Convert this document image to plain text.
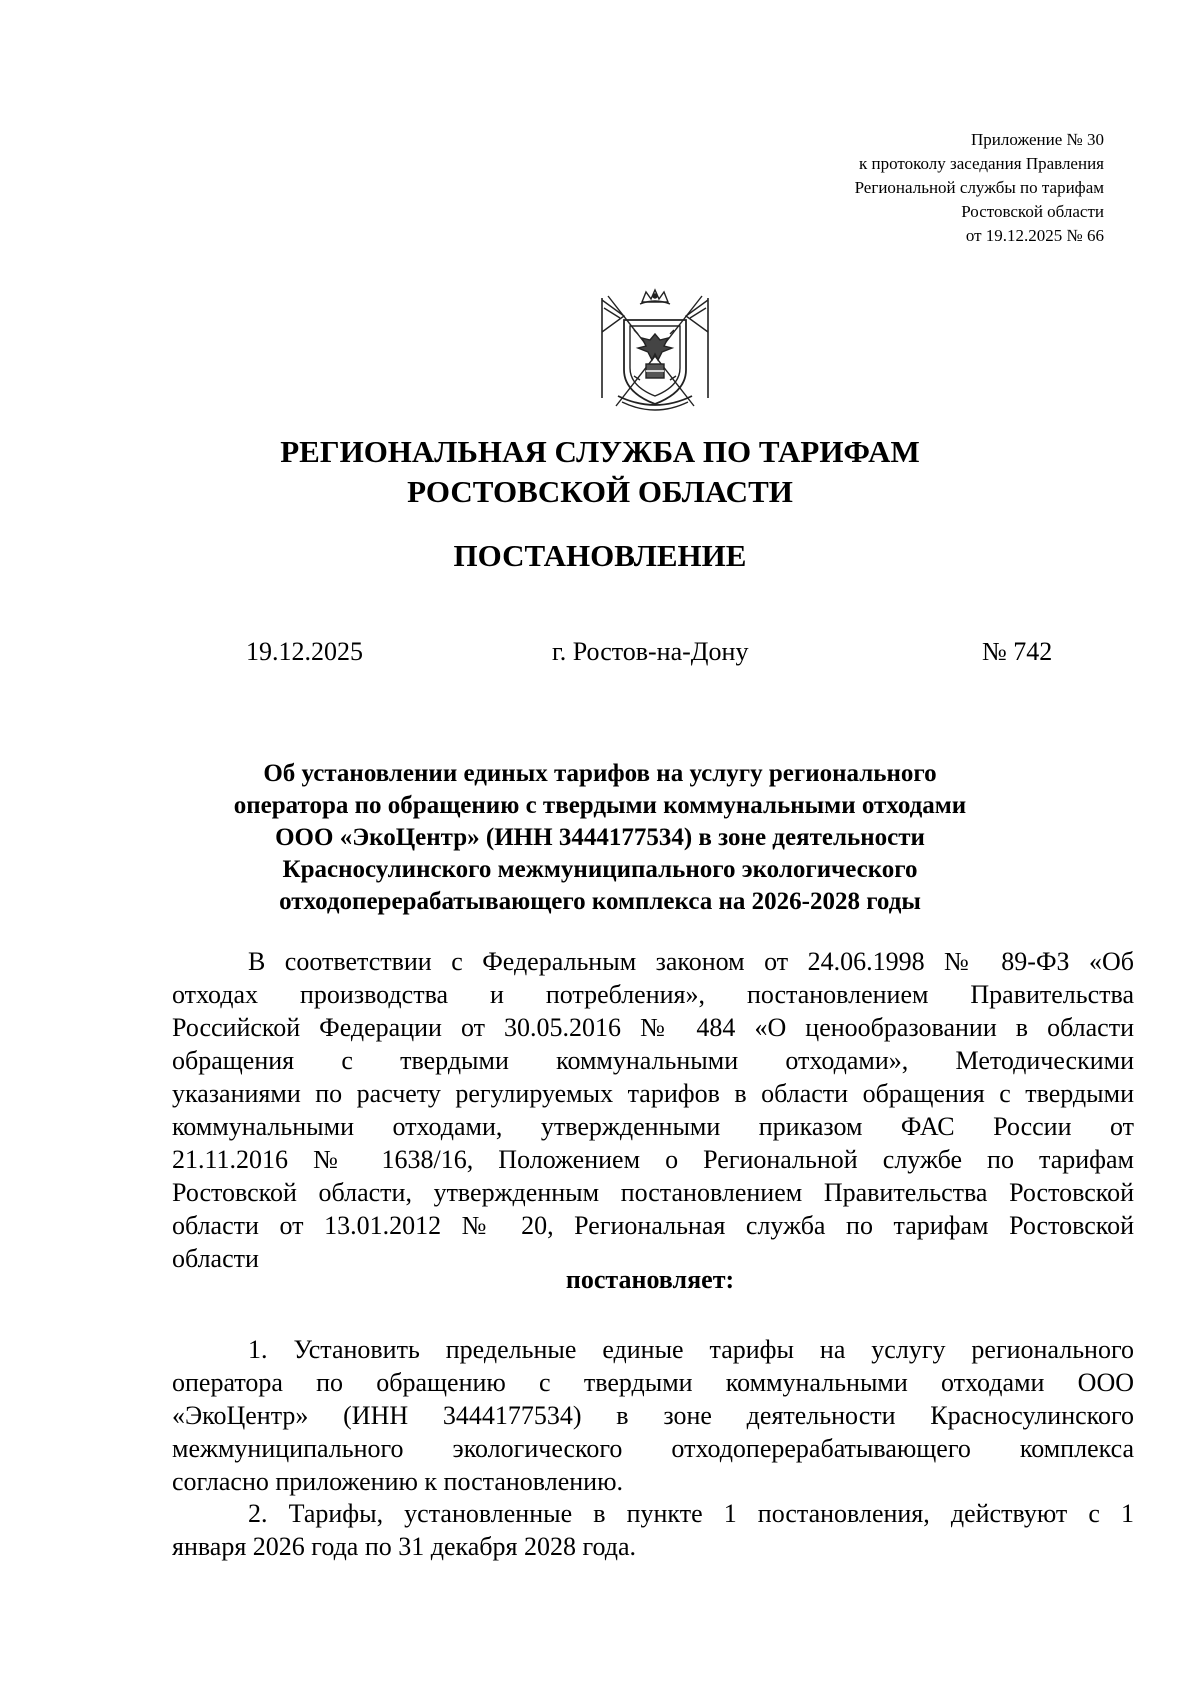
Приложение № 30
к протоколу заседания Правления
Региональной службы по тарифам
Ростовской области
от 19.12.2025 № 66
РЕГИОНАЛЬНАЯ СЛУЖБА ПО ТАРИФАМ
РОСТОВСКОЙ ОБЛАСТИ
ПОСТАНОВЛЕНИЕ
19.12.2025	г. Ростов-на-Дону	№ 742
Об установлении единых тарифов на услугу регионального
оператора по обращению с твердыми коммунальными отходами
ООО «ЭкоЦентр» (ИНН 3444177534) в зоне деятельности
Красносулинского межмуниципального экологического
отходоперерабатывающего комплекса на 2026-2028 годы
В соответствии с Федеральным законом от 24.06.1998 № 89-ФЗ «Об
отходах производства и потребления», постановлением Правительства
Российской Федерации от 30.05.2016 № 484 «О ценообразовании в области
обращения с твердыми коммунальными отходами», Методическими
указаниями по расчету регулируемых тарифов в области обращения с твердыми
коммунальными отходами, утвержденными приказом ФАС России от
21.11.2016 № 1638/16, Положением о Региональной службе по тарифам
Ростовской области, утвержденным постановлением Правительства Ростовской
области от 13.01.2012 № 20, Региональная служба по тарифам Ростовской
области
постановляет:
1. Установить предельные единые тарифы на услугу регионального
оператора по обращению с твердыми коммунальными отходами ООО
«ЭкоЦентр» (ИНН 3444177534) в зоне деятельности Красносулинского
межмуниципального экологического отходоперерабатывающего комплекса
согласно приложению к постановлению.
2. Тарифы, установленные в пункте 1 постановления, действуют с 1
января 2026 года по 31 декабря 2028 года.
